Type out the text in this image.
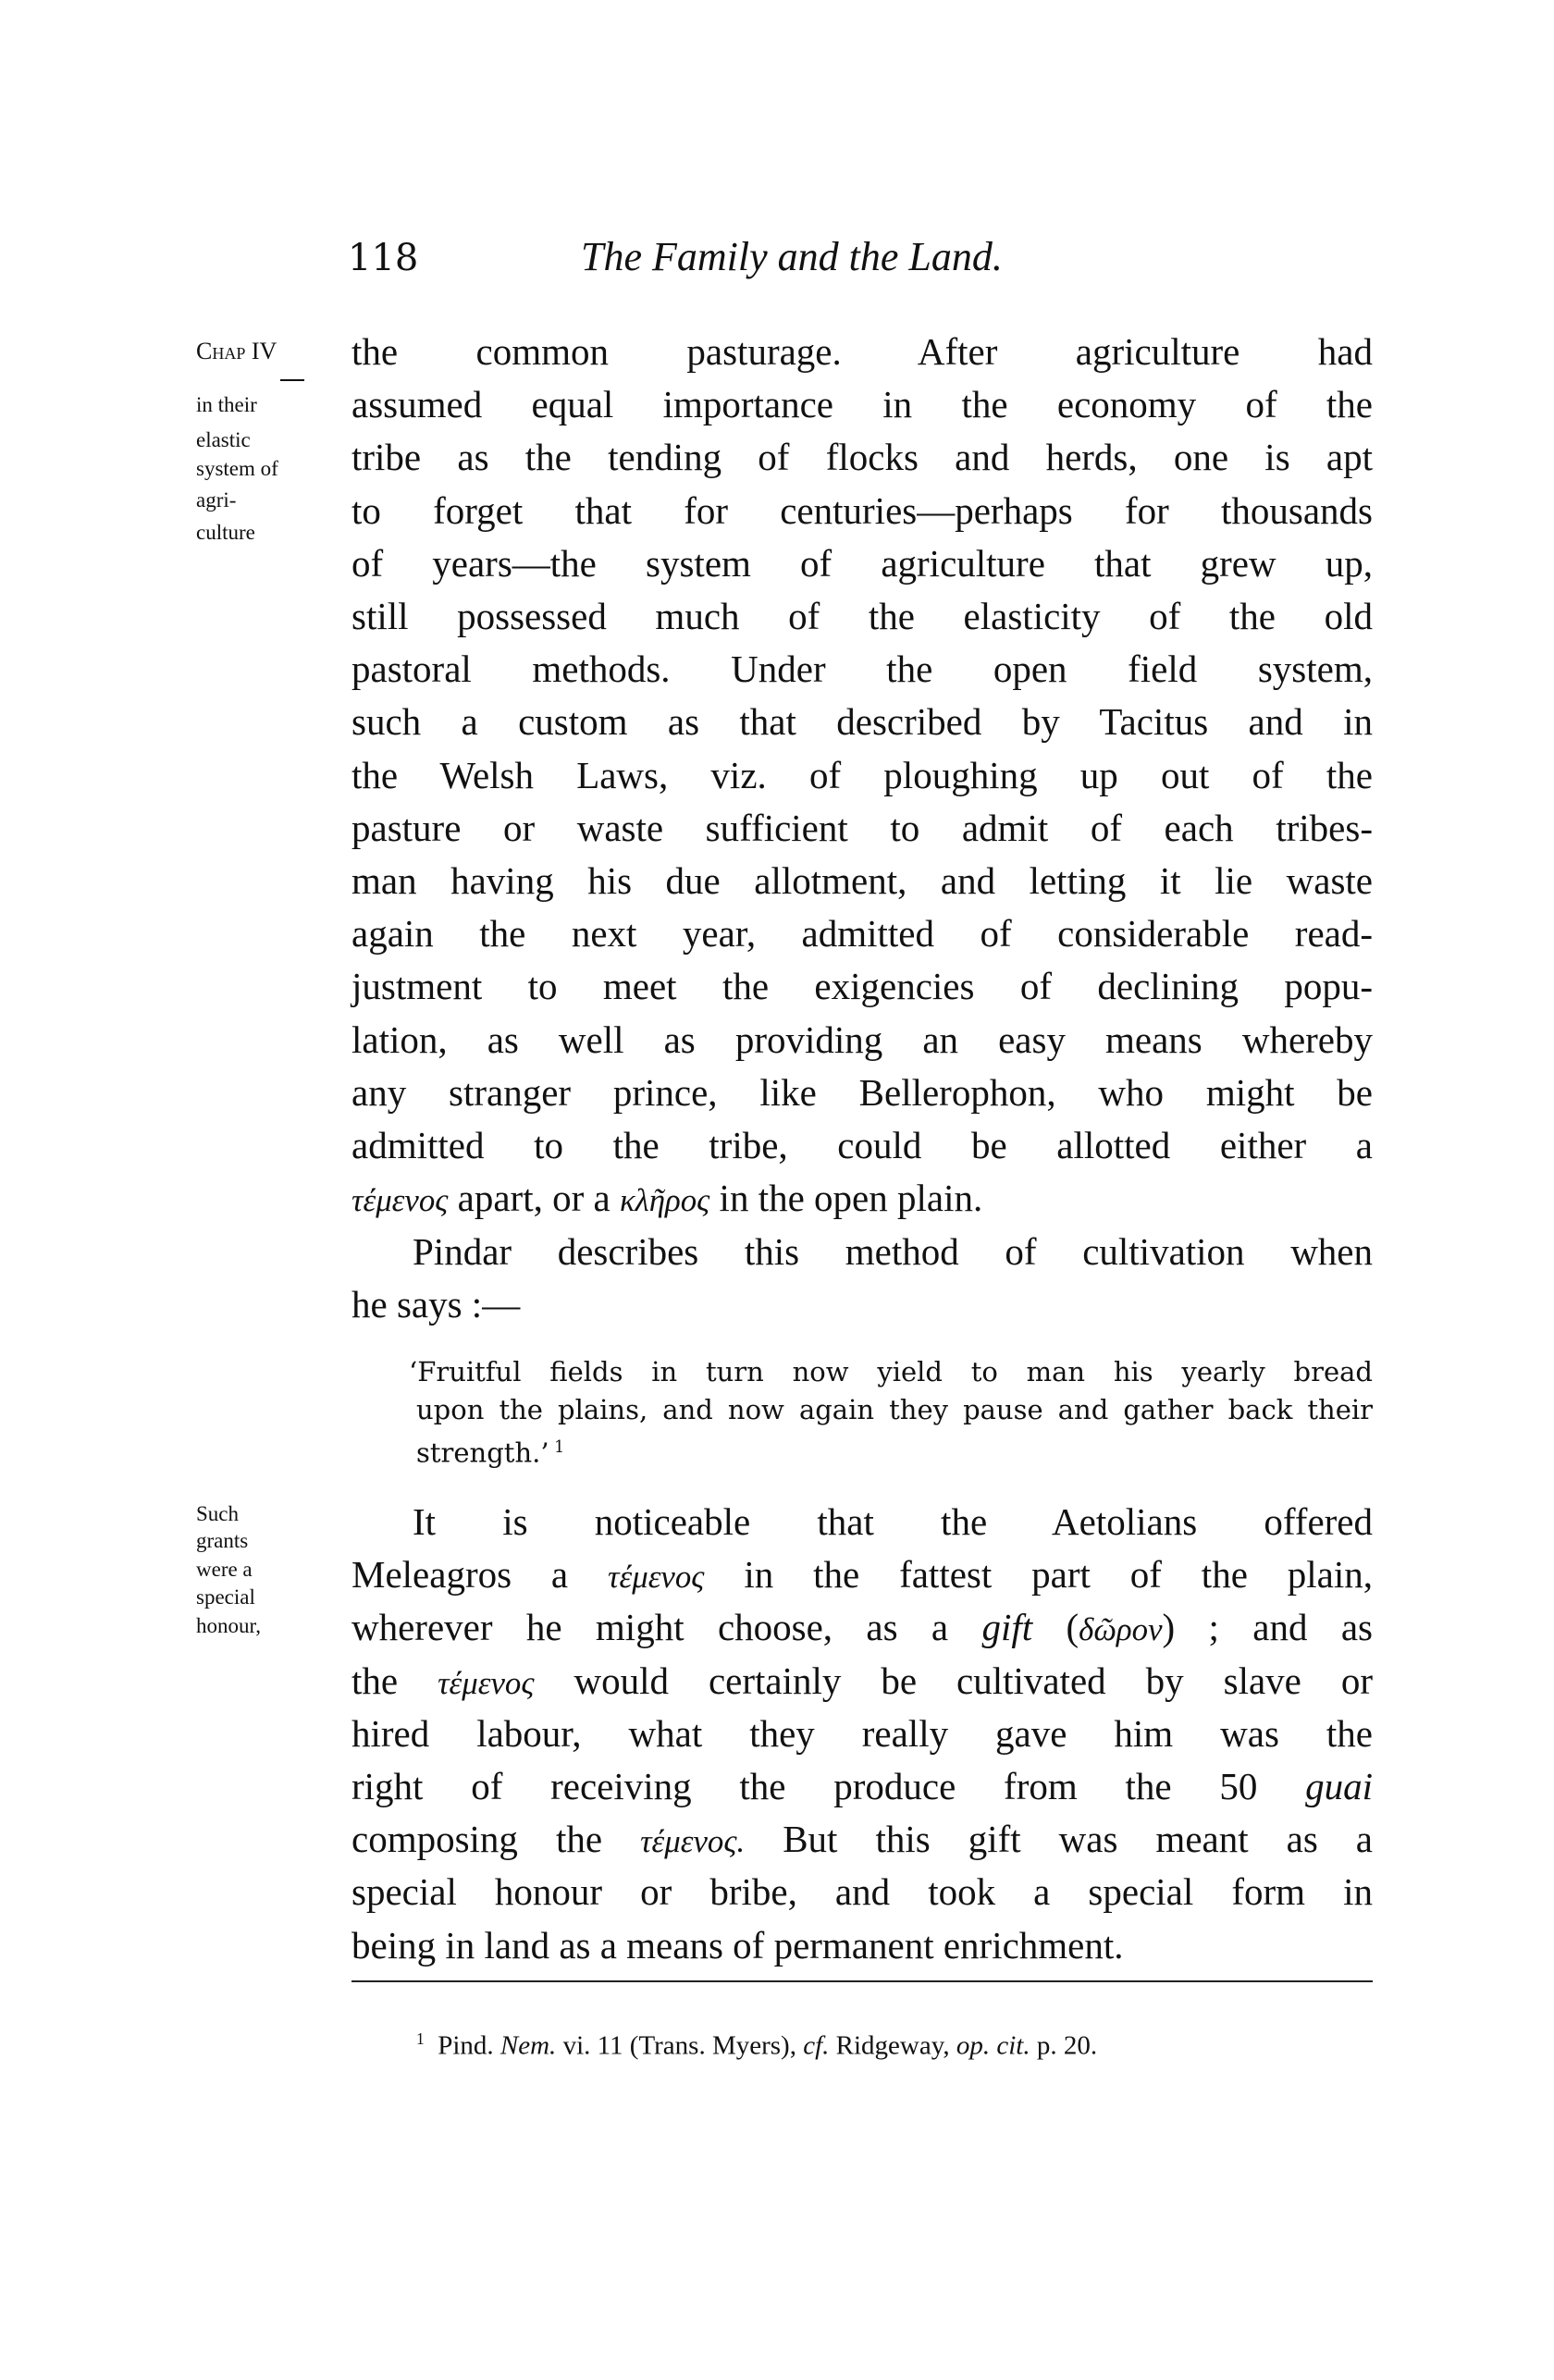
118	The Family and the Land.
Chap IV
in their
elastic
system of
agri-
culture
Such
grants
were a
special
honour,
the common pasturage. After agriculture had
assumed equal importance in the economy of the
tribe as the tending of flocks and herds, one is apt
to forget that for centuries—perhaps for thousands
of years—the system of agriculture that grew up,
still possessed much of the elasticity of the old
pastoral methods. Under the open field system,
such a custom as that described by Tacitus and in
the Welsh Laws, viz. of ploughing up out of the
pasture or waste sufficient to admit of each tribes-
man having his due allotment, and letting it lie waste
again the next year, admitted of considerable read-
justment to meet the exigencies of declining popu-
lation, as well as providing an easy means whereby
any stranger prince, like Bellerophon, who might be
admitted to the tribe, could be allotted either a
τέμενος apart, or a κλῆρος in the open plain.
Pindar describes this method of cultivation when
he says :—
It is noticeable that the Aetolians offered
Meleagros a τέμενος in the fattest part of the plain,
wherever he might choose, as a gift (δῶρον) ; and as
the τέμενος would certainly be cultivated by slave or
hired labour, what they really gave him was the
right of receiving the produce from the 50 guai
composing the τέμενος. But this gift was meant as a
special honour or bribe, and took a special form in
being in land as a means of permanent enrichment.
‘Fruitful fields in turn now yield to man his yearly bread
upon the plains, and now again they pause and gather back their
strength.’ $^1$
$^1$ Pind. Nem. vi. 11 (Trans. Myers), cf. Ridgeway, op. cit. p. 20.
